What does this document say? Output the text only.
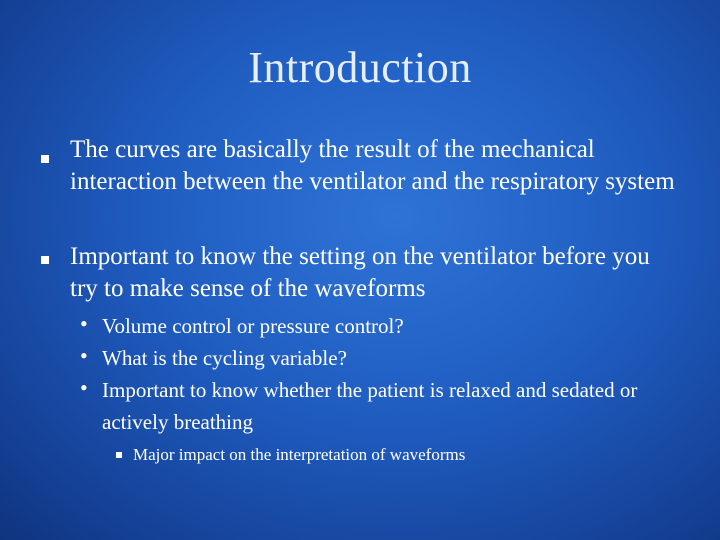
Introduction
The curves are basically the result of the mechanical interaction between the ventilator and the respiratory system
Important to know the setting on the ventilator before you try to make sense of the waveforms
• Volume control or pressure control?
• What is the cycling variable?
• Important to know whether the patient is relaxed and sedated or actively breathing
Major impact on the interpretation of waveforms
